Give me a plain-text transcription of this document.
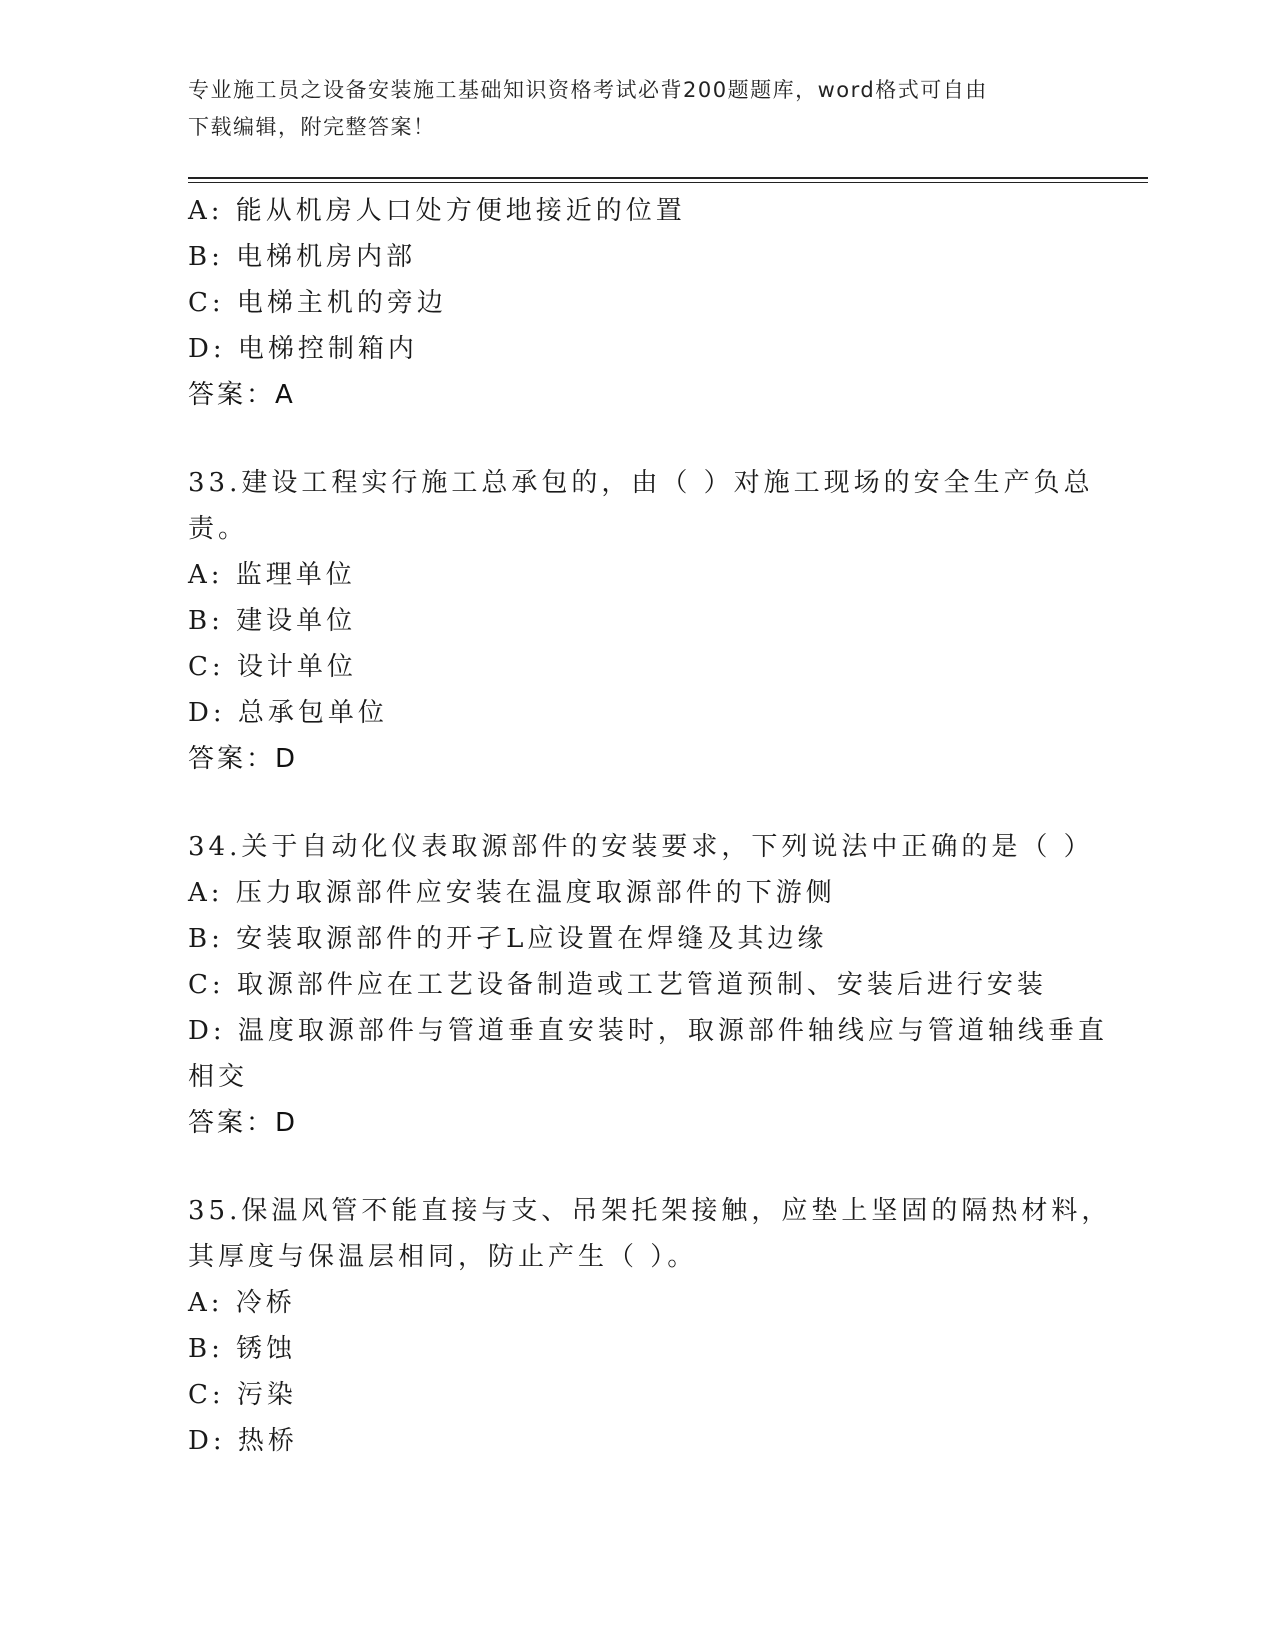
专业施工员之设备安装施工基础知识资格考试必背200题题库，word格式可自由
下载编辑，附完整答案！
A: 能从机房人口处方便地接近的位置
B: 电梯机房内部
C: 电梯主机的旁边
D: 电梯控制箱内
答案：A
33.建设工程实行施工总承包的，由（ ）对施工现场的安全生产负总
责。
A: 监理单位
B: 建设单位
C: 设计单位
D: 总承包单位
答案：D
34.关于自动化仪表取源部件的安装要求，下列说法中正确的是（ ）
A: 压力取源部件应安装在温度取源部件的下游侧
B: 安装取源部件的开孑L应设置在焊缝及其边缘
C: 取源部件应在工艺设备制造或工艺管道预制、安装后进行安装
D: 温度取源部件与管道垂直安装时，取源部件轴线应与管道轴线垂直
相交
答案：D
35.保温风管不能直接与支、吊架托架接触，应垫上坚固的隔热材料，
其厚度与保温层相同，防止产生（ ）。
A: 冷桥
B: 锈蚀
C: 污染
D: 热桥
